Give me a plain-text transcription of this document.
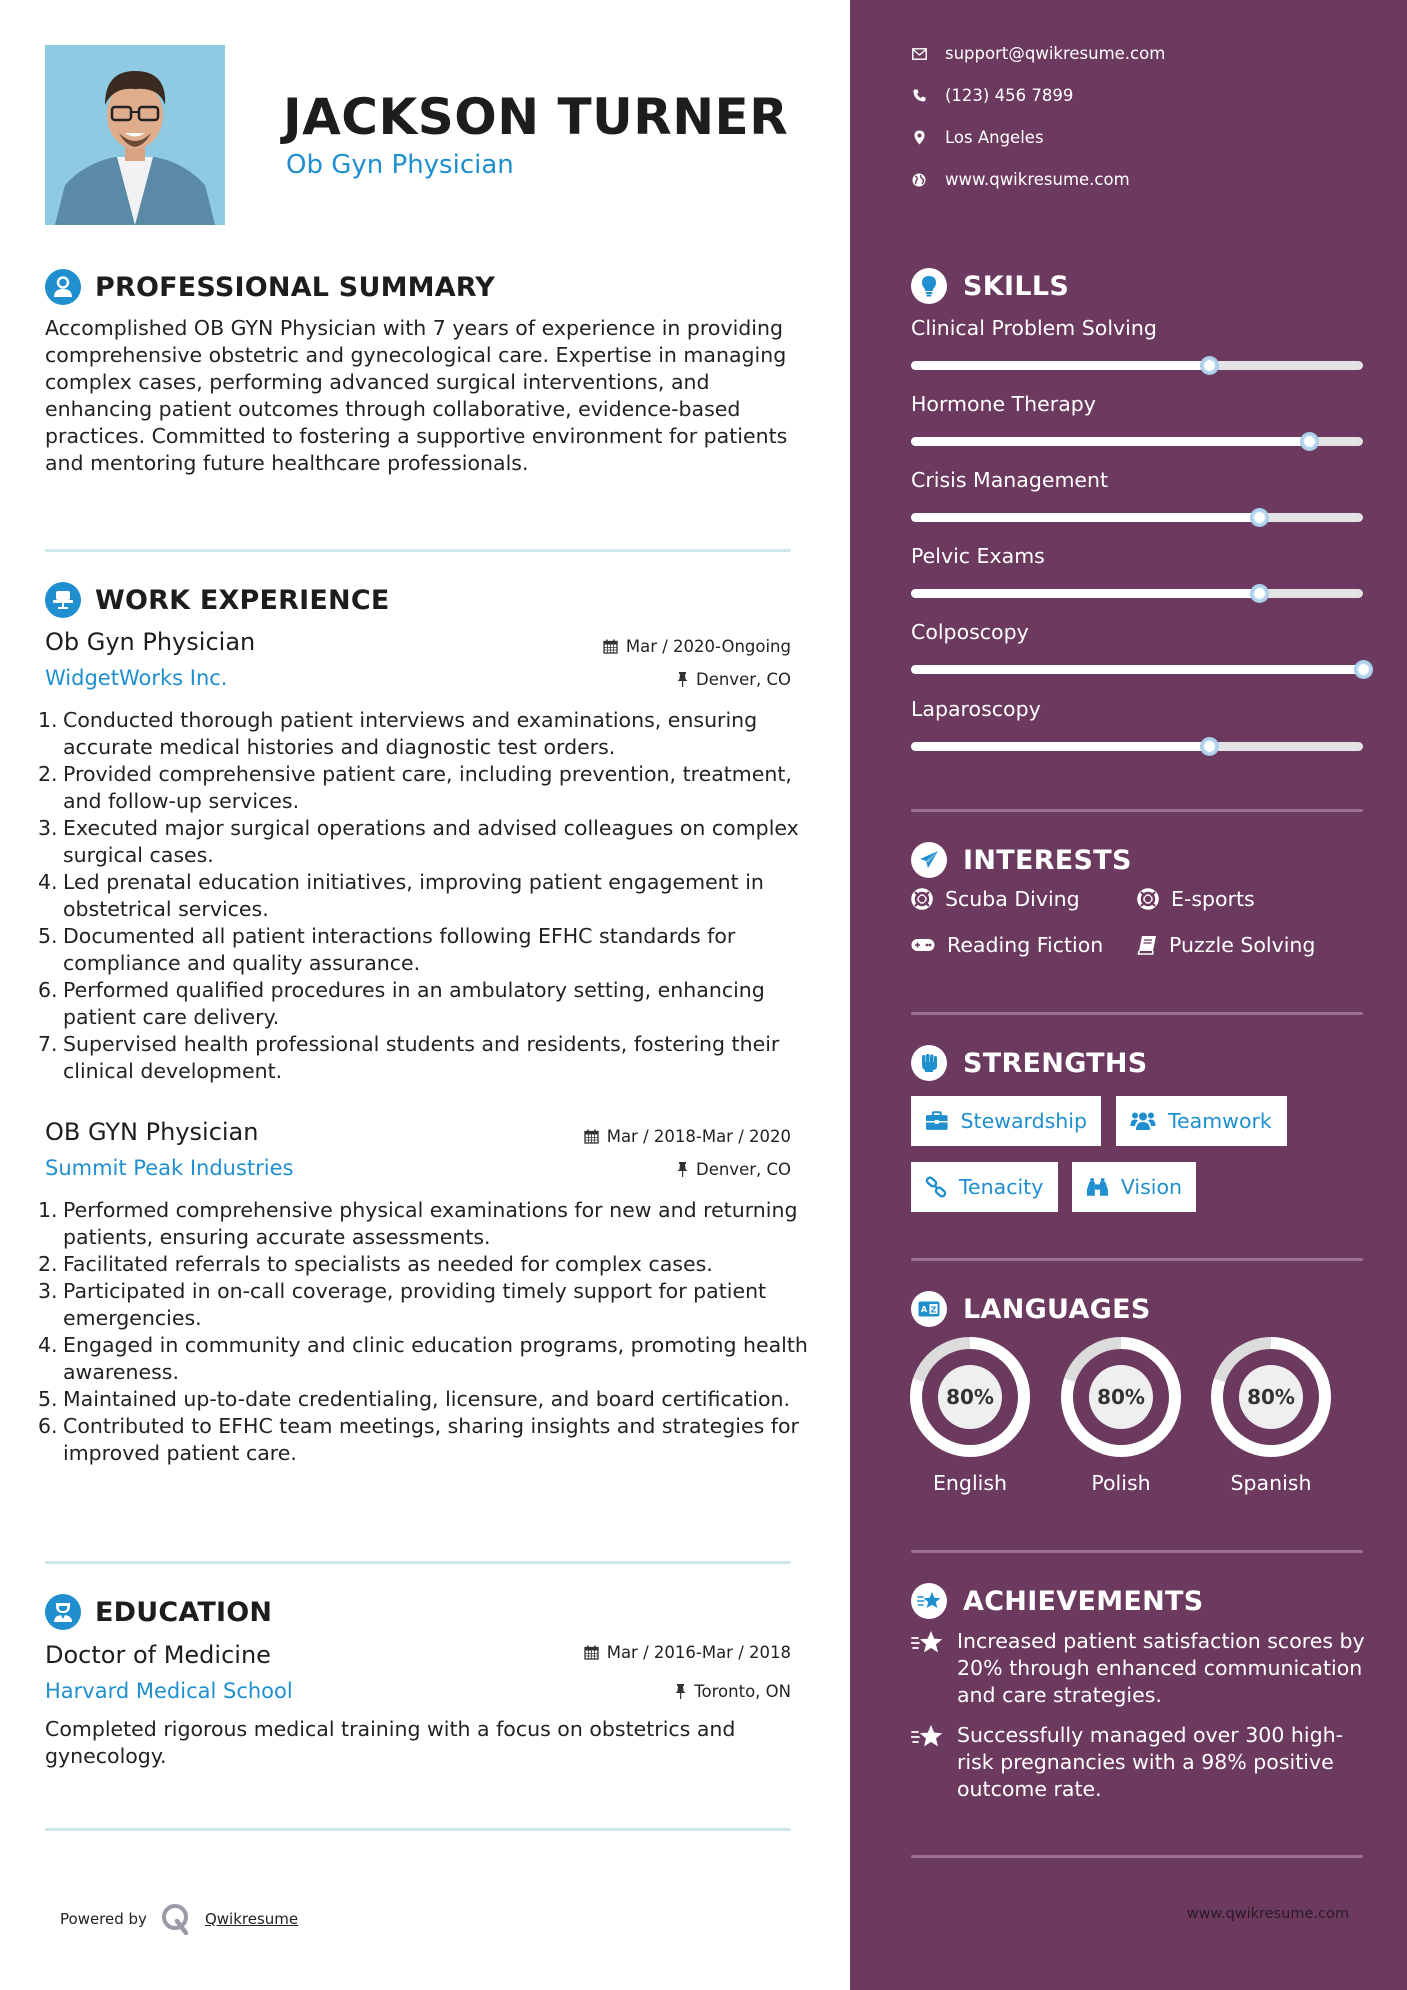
JACKSON TURNER
Ob Gyn Physician
PROFESSIONAL SUMMARY

Accomplished OB GYN Physician with 7 years of experience in providing comprehensive obstetric and gynecological care. Expertise in managing complex cases, performing advanced surgical interventions, and enhancing patient outcomes through collaborative, evidence-based practices. Committed to fostering a supportive environment for patients and mentoring future healthcare professionals.

WORK EXPERIENCE
Ob Gyn Physician	Mar / 2020-Ongoing
WidgetWorks Inc.	Denver, CO
1. Conducted thorough patient interviews and examinations, ensuring accurate medical histories and diagnostic test orders.
2. Provided comprehensive patient care, including prevention, treatment, and follow-up services.
3. Executed major surgical operations and advised colleagues on complex surgical cases.
4. Led prenatal education initiatives, improving patient engagement in obstetrical services.
5. Documented all patient interactions following EFHC standards for compliance and quality assurance.
6. Performed qualified procedures in an ambulatory setting, enhancing patient care delivery.
7. Supervised health professional students and residents, fostering their clinical development.
OB GYN Physician	Mar / 2018-Mar / 2020
Summit Peak Industries	Denver, CO
1. Performed comprehensive physical examinations for new and returning patients, ensuring accurate assessments.
2. Facilitated referrals to specialists as needed for complex cases.
3. Participated in on-call coverage, providing timely support for patient emergencies.
4. Engaged in community and clinic education programs, promoting health awareness.
5. Maintained up-to-date credentialing, licensure, and board certification.
6. Contributed to EFHC team meetings, sharing insights and strategies for improved patient care.
EDUCATION
Doctor of Medicine	Mar / 2016-Mar / 2018
Harvard Medical School	Toronto, ON

Completed rigorous medical training with a focus on obstetrics and gynecology.

Powered by	Qwikresume
support@qwikresume.com
(123) 456 7899
Los Angeles
www.qwikresume.com
SKILLS
Clinical Problem Solving
Hormone Therapy
Crisis Management
Pelvic Exams
Colposcopy
Laparoscopy
INTERESTS
Scuba Diving	E-sports
Reading Fiction	Puzzle Solving
STRENGTHS
Stewardship	Teamwork
Tenacity	Vision
A Z LANGUAGES
80%
English
80%
Polish
80%
Spanish
ACHIEVEMENTS
Increased patient satisfaction scores by 20% through enhanced communication and care strategies.
Successfully managed over 300 high-risk pregnancies with a 98% positive outcome rate.
www.qwikresume.com
